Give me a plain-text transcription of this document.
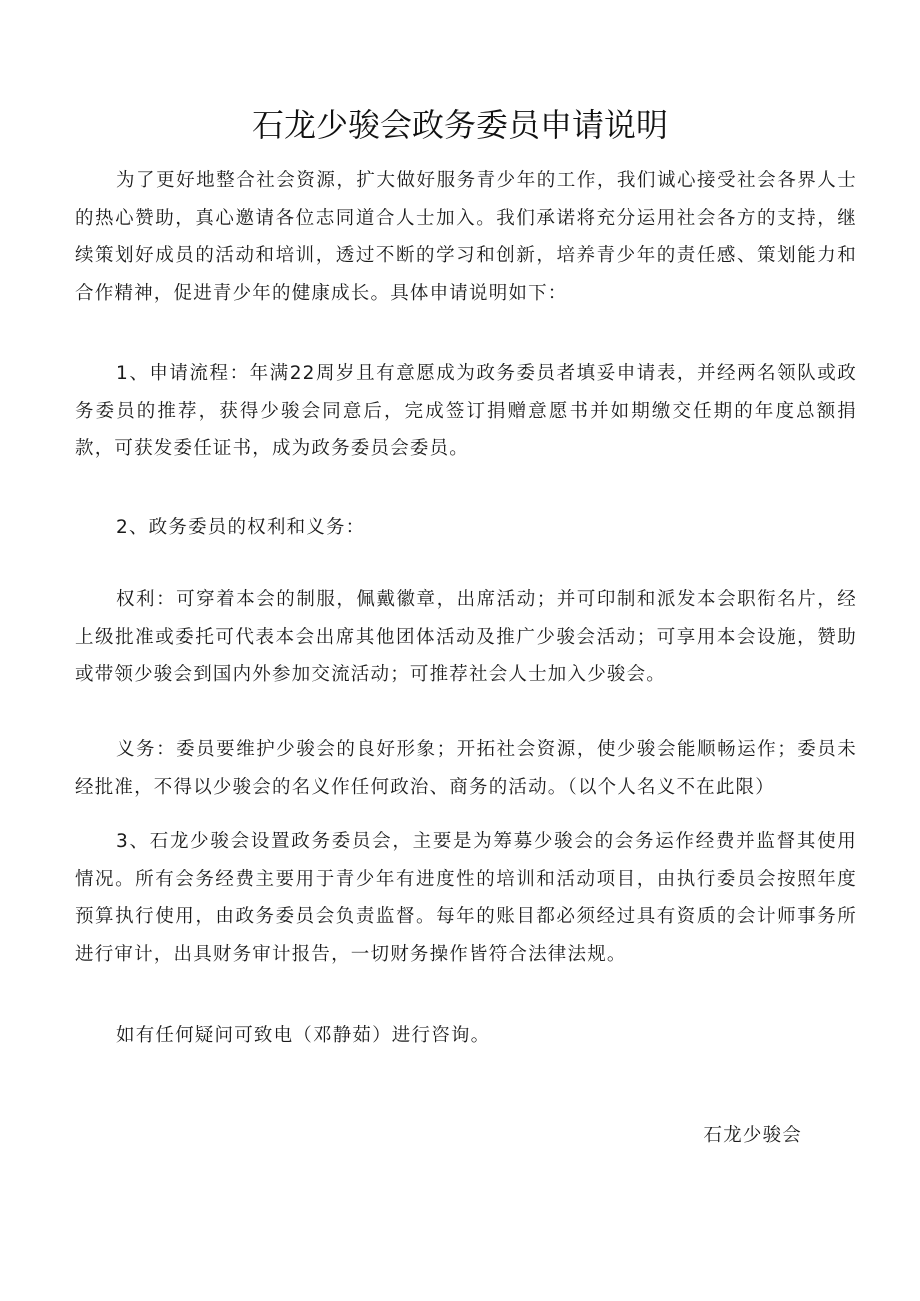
石龙少骏会政务委员申请说明

为了更好地整合社会资源，扩大做好服务青少年的工作，我们诚心接受社会各界人士的热心赞助，真心邀请各位志同道合人士加入。我们承诺将充分运用社会各方的支持，继续策划好成员的活动和培训，透过不断的学习和创新，培养青少年的责任感、策划能力和合作精神，促进青少年的健康成长。具体申请说明如下：

1、申请流程：年满22周岁且有意愿成为政务委员者填妥申请表，并经两名领队或政务委员的推荐，获得少骏会同意后，完成签订捐赠意愿书并如期缴交任期的年度总额捐款，可获发委任证书，成为政务委员会委员。

2、政务委员的权利和义务：

权利：可穿着本会的制服，佩戴徽章，出席活动；并可印制和派发本会职衔名片，经上级批准或委托可代表本会出席其他团体活动及推广少骏会活动；可享用本会设施，赞助或带领少骏会到国内外参加交流活动；可推荐社会人士加入少骏会。

义务：委员要维护少骏会的良好形象；开拓社会资源，使少骏会能顺畅运作；委员未经批准，不得以少骏会的名义作任何政治、商务的活动。（以个人名义不在此限）

3、石龙少骏会设置政务委员会，主要是为筹募少骏会的会务运作经费并监督其使用情况。所有会务经费主要用于青少年有进度性的培训和活动项目，由执行委员会按照年度预算执行使用，由政务委员会负责监督。每年的账目都必须经过具有资质的会计师事务所进行审计，出具财务审计报告，一切财务操作皆符合法律法规。

如有任何疑问可致电（邓静茹）进行咨询。

石龙少骏会
